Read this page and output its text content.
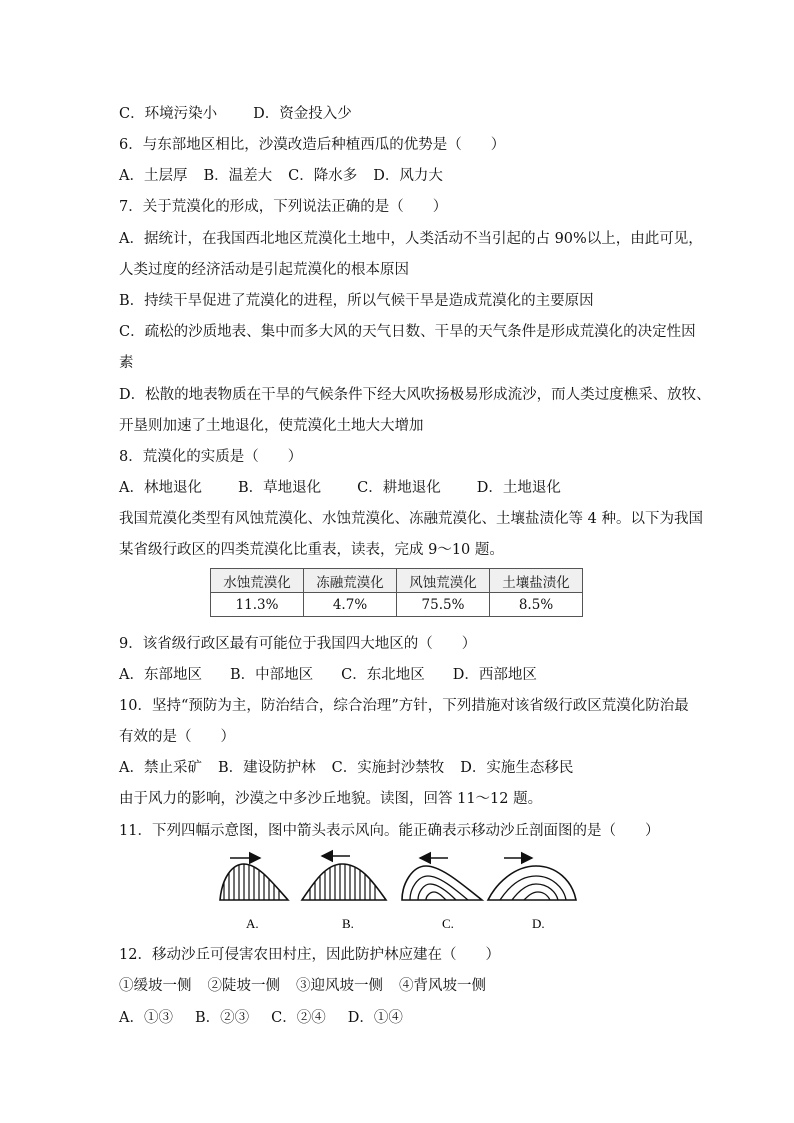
C．环境污染小 D．资金投入少
6．与东部地区相比，沙漠改造后种植西瓜的优势是（　　）
A．土层厚 B．温差大 C．降水多 D．风力大
7．关于荒漠化的形成，下列说法正确的是（　　）
A．据统计，在我国西北地区荒漠化土地中，人类活动不当引起的占 90%以上，由此可见，
人类过度的经济活动是引起荒漠化的根本原因
B．持续干旱促进了荒漠化的进程，所以气候干旱是造成荒漠化的主要原因
C．疏松的沙质地表、集中而多大风的天气日数、干旱的天气条件是形成荒漠化的决定性因
素
D．松散的地表物质在干旱的气候条件下经大风吹扬极易形成流沙，而人类过度樵采、放牧、
开垦则加速了土地退化，使荒漠化土地大大增加
8．荒漠化的实质是（　　）
A．林地退化 B．草地退化 C．耕地退化 D．土地退化
我国荒漠化类型有风蚀荒漠化、水蚀荒漠化、冻融荒漠化、土壤盐渍化等 4 种。以下为我国
某省级行政区的四类荒漠化比重表，读表，完成 9～10 题。
水蚀荒漠化	冻融荒漠化	风蚀荒漠化	土壤盐渍化
11.3%	4.7%	75.5%	8.5%
9．该省级行政区最有可能位于我国四大地区的（　　）
A．东部地区 B．中部地区 C．东北地区 D．西部地区
10．坚持“预防为主，防治结合，综合治理”方针，下列措施对该省级行政区荒漠化防治最
有效的是（　　）
A．禁止采矿 B．建设防护林 C．实施封沙禁牧 D．实施生态移民
由于风力的影响，沙漠之中多沙丘地貌。读图，回答 11～12 题。
11．下列四幅示意图，图中箭头表示风向。能正确表示移动沙丘剖面图的是（　　）
A.	B.	C.	D.
12．移动沙丘可侵害农田村庄，因此防护林应建在（　　）
①缓坡一侧 ②陡坡一侧 ③迎风坡一侧 ④背风坡一侧
A．①③ B．②③ C．②④ D．①④
